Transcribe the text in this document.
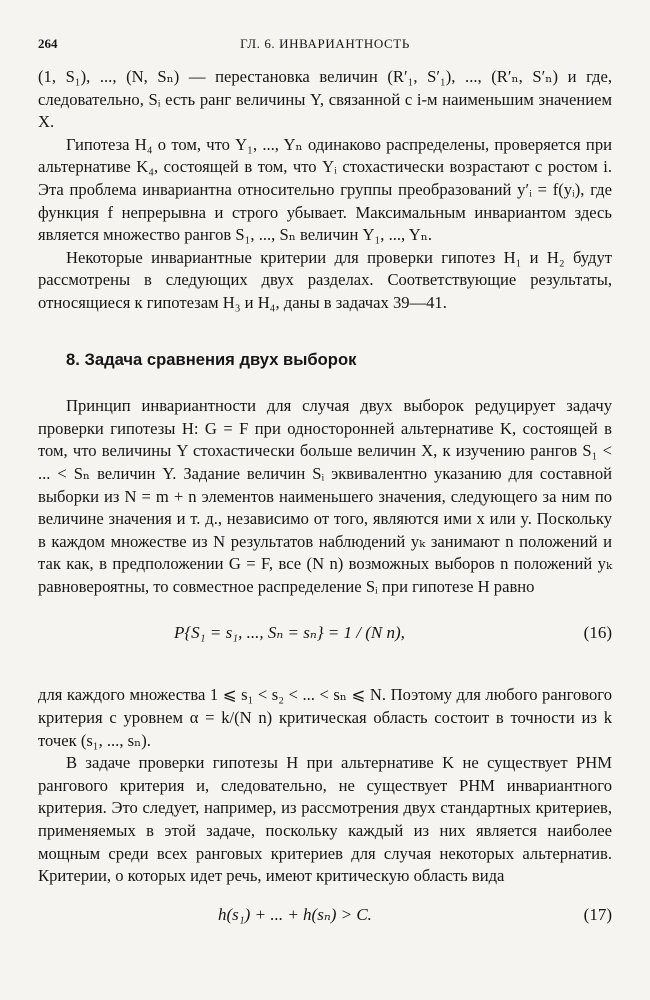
264	ГЛ. 6. ИНВАРИАНТНОСТЬ

(1, S₁), ..., (N, Sₙ) — перестановка величин (R′₁, S′₁), ..., (R′ₙ, S′ₙ) и где, следовательно, Sᵢ есть ранг величины Y, связанной с i-м наименьшим значением X.

Гипотеза H₄ о том, что Y₁, ..., Yₙ одинаково распределены, проверяется при альтернативе K₄, состоящей в том, что Yᵢ стохастически возрастают с ростом i. Эта проблема инвариантна относительно группы преобразований y′ᵢ = f(yᵢ), где функция f непрерывна и строго убывает. Максимальным инвариантом здесь является множество рангов S₁, ..., Sₙ величин Y₁, ..., Yₙ.

Некоторые инвариантные критерии для проверки гипотез H₁ и H₂ будут рассмотрены в следующих двух разделах. Соответствующие результаты, относящиеся к гипотезам H₃ и H₄, даны в задачах 39—41.

8. Задача сравнения двух выборок

Принцип инвариантности для случая двух выборок редуцирует задачу проверки гипотезы H: G = F при односторонней альтернативе K, состоящей в том, что величины Y стохастически больше величин X, к изучению рангов S₁ < ... < Sₙ величин Y. Задание величин Sᵢ эквивалентно указанию для составной выборки из N = m + n элементов наименьшего значения, следующего за ним по величине значения и т. д., независимо от того, являются ими x или y. Поскольку в каждом множестве из N результатов наблюдений yₖ занимают n положений и так как, в предположении G = F, все (N n) возможных выборов n положений yₖ равновероятны, то совместное распределение Sᵢ при гипотезе H равно

P{S₁ = s₁, ..., Sₙ = sₙ} = 1 / (N n),	(16)

для каждого множества 1 ⩽ s₁ < s₂ < ... < sₙ ⩽ N. Поэтому для любого рангового критерия с уровнем α = k/(N n) критическая область состоит в точности из k точек (s₁, ..., sₙ).

В задаче проверки гипотезы H при альтернативе K не существует РНМ рангового критерия и, следовательно, не существует РНМ инвариантного критерия. Это следует, например, из рассмотрения двух стандартных критериев, применяемых в этой задаче, поскольку каждый из них является наиболее мощным среди всех ранговых критериев для случая некоторых альтернатив. Критерии, о которых идет речь, имеют критическую область вида

h(s₁) + ... + h(sₙ) > C.	(17)
